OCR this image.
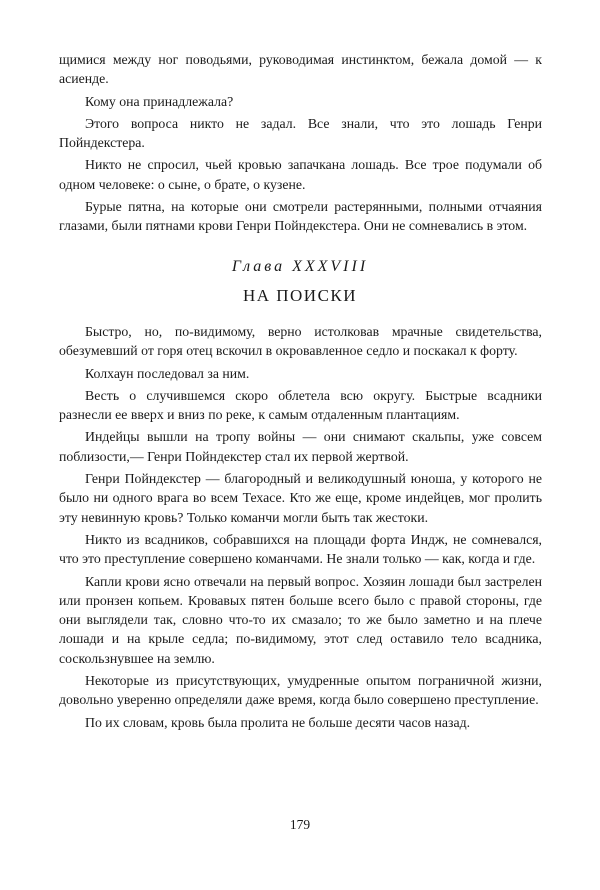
щимися между ног поводьями, руководимая инстинктом, бежала домой — к асиенде.

Кому она принадлежала?

Этого вопроса никто не задал. Все знали, что это лошадь Генри Пойндекстера.

Никто не спросил, чьей кровью запачкана лошадь. Все трое подумали об одном человеке: о сыне, о брате, о кузене.

Бурые пятна, на которые они смотрели растерянными, полными отчаяния глазами, были пятнами крови Генри Пойндекстера. Они не сомневались в этом.

Глава XXXVIII
НА ПОИСКИ

Быстро, но, по-видимому, верно истолковав мрачные свидетельства, обезумевший от горя отец вскочил в окровавленное седло и поскакал к форту.

Колхаун последовал за ним.

Весть о случившемся скоро облетела всю округу. Быстрые всадники разнесли ее вверх и вниз по реке, к самым отдаленным плантациям.

Индейцы вышли на тропу войны — они снимают скальпы, уже совсем поблизости,— Генри Пойндекстер стал их первой жертвой.

Генри Пойндекстер — благородный и великодушный юноша, у которого не было ни одного врага во всем Техасе. Кто же еще, кроме индейцев, мог пролить эту невинную кровь? Только команчи могли быть так жестоки.

Никто из всадников, собравшихся на площади форта Индж, не сомневался, что это преступление совершено команчами. Не знали только — как, когда и где.

Капли крови ясно отвечали на первый вопрос. Хозяин лошади был застрелен или пронзен копьем. Кровавых пятен больше всего было с правой стороны, где они выглядели так, словно что-то их смазало; то же было заметно и на плече лошади и на крыле седла; по-видимому, этот след оставило тело всадника, соскользнувшее на землю.

Некоторые из присутствующих, умудренные опытом пограничной жизни, довольно уверенно определяли даже время, когда было совершено преступление.

По их словам, кровь была пролита не больше десяти часов назад.

179
